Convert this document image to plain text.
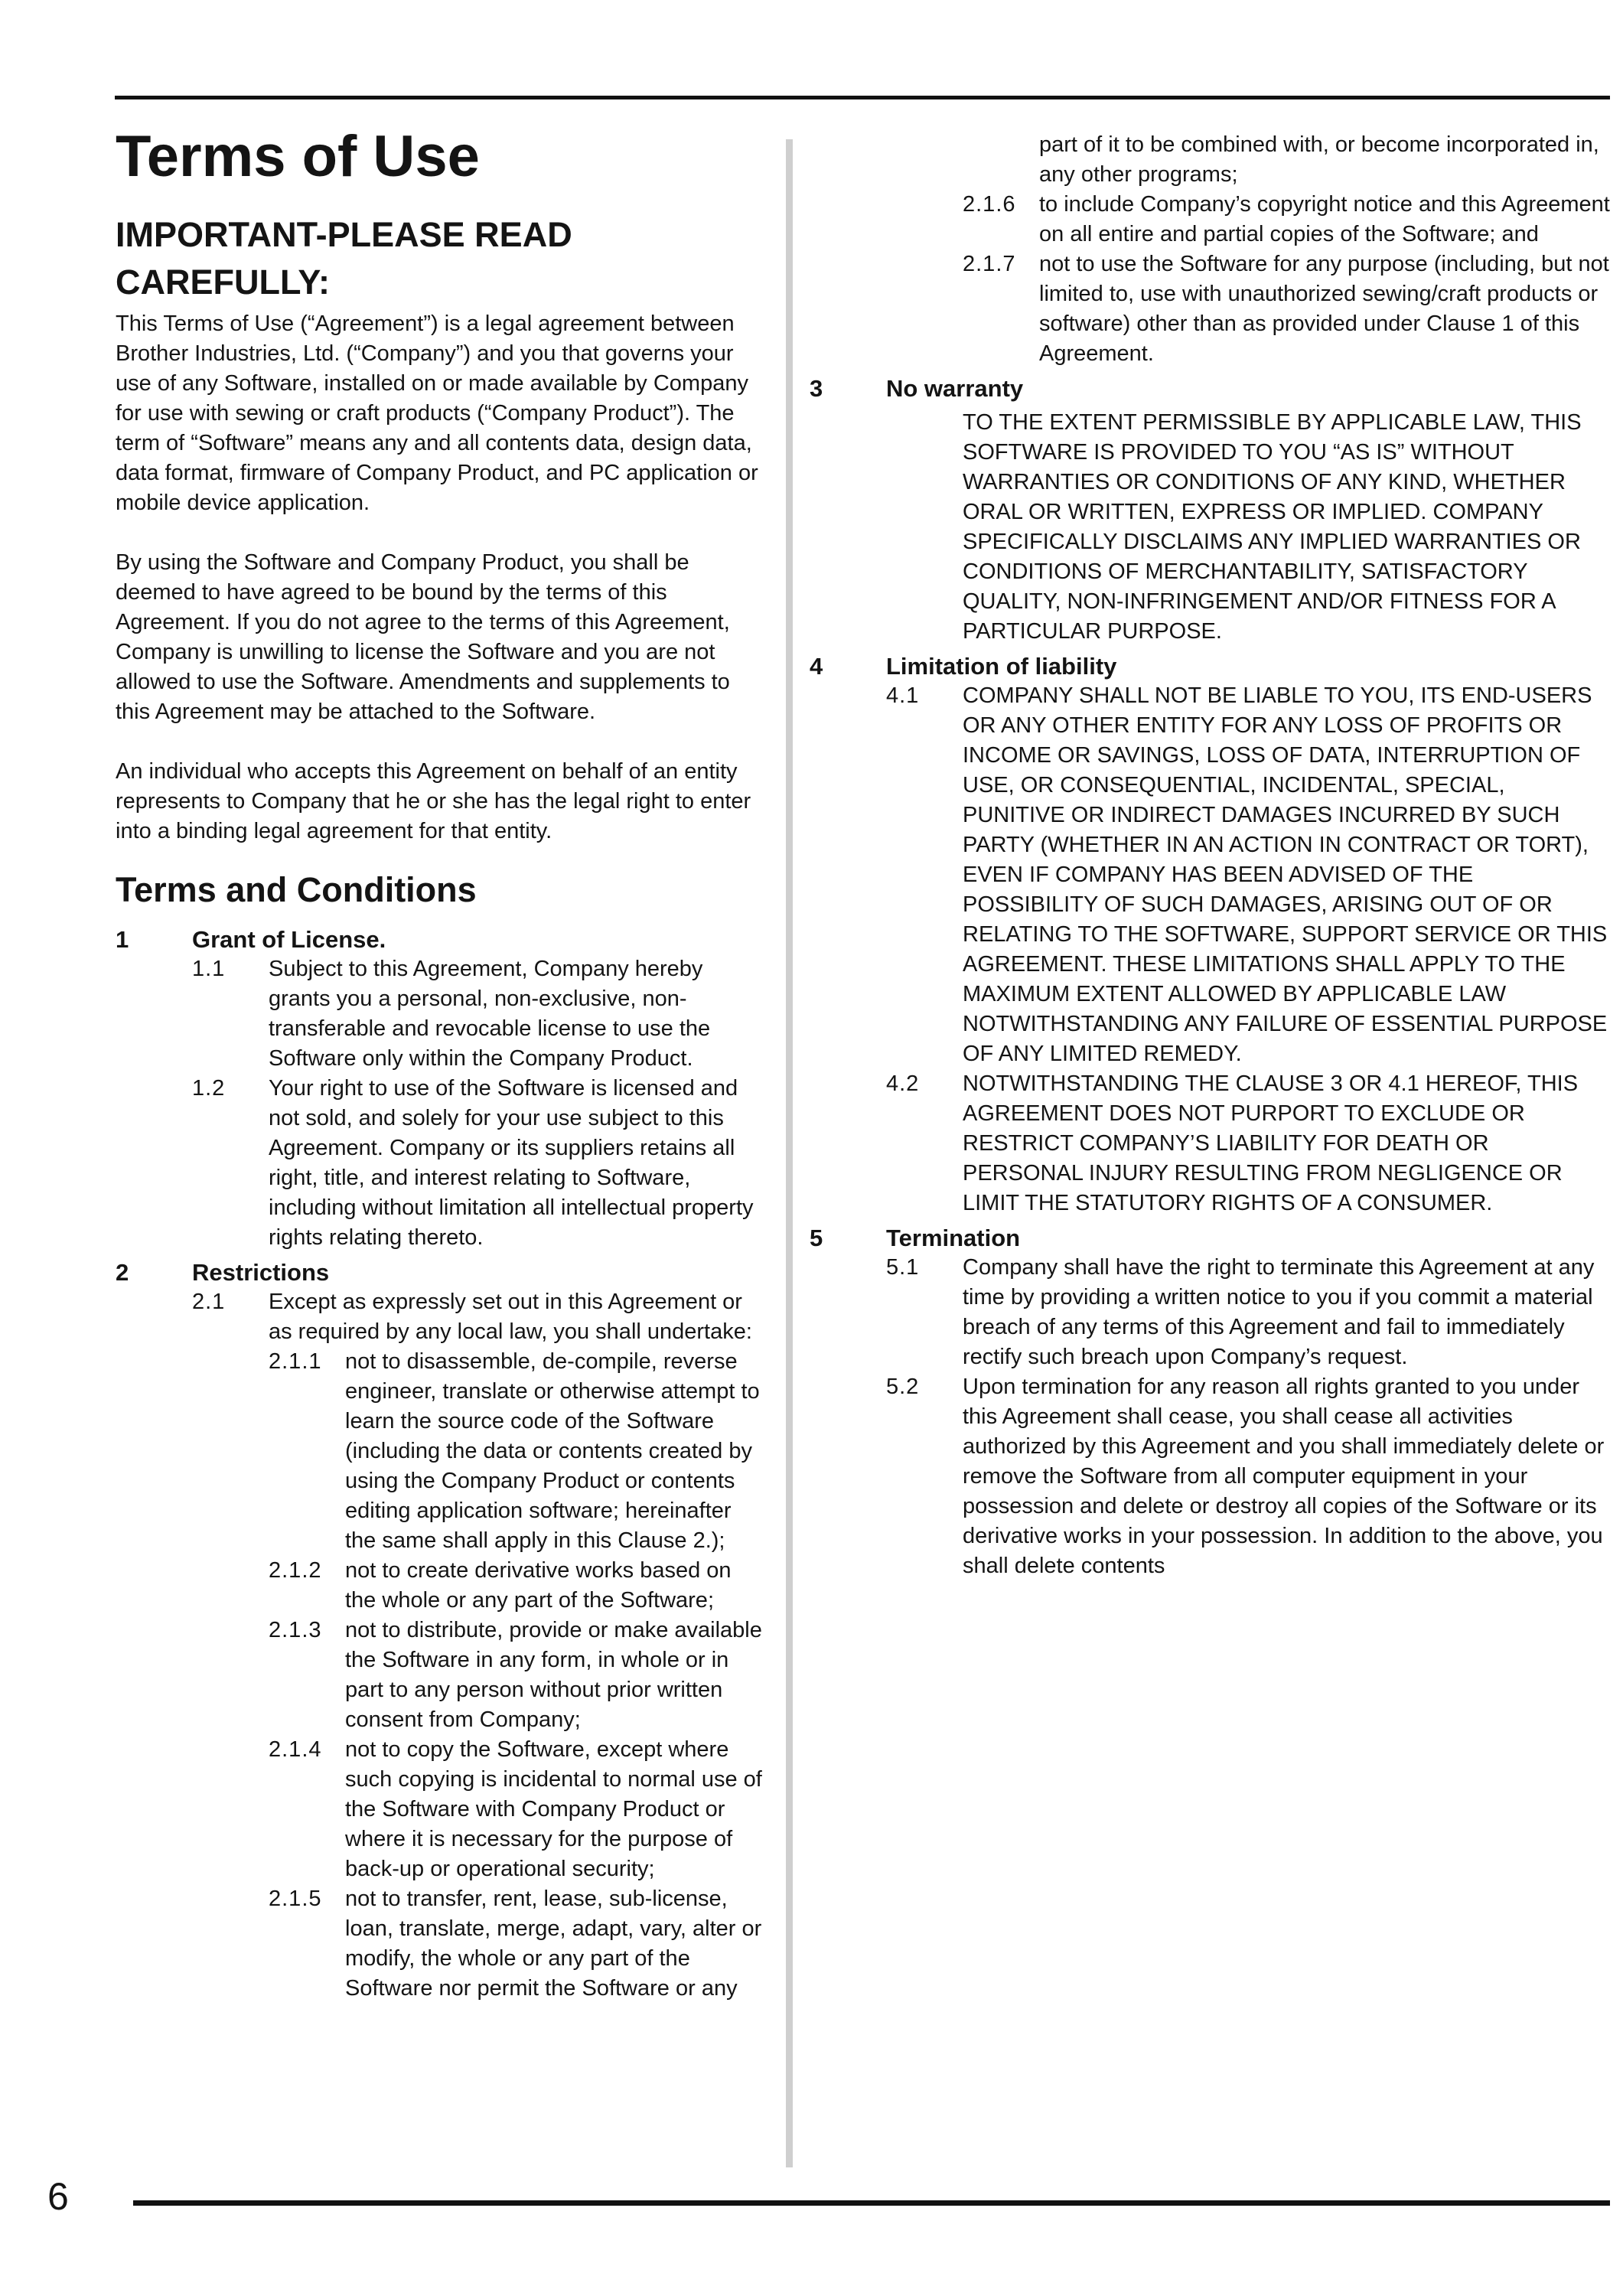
Terms of Use
IMPORTANT-PLEASE READ CAREFULLY:

This Terms of Use (“Agreement”) is a legal agreement between Brother Industries, Ltd. (“Company”) and you that governs your use of any Software, installed on or made available by Company for use with sewing or craft products (“Company Product”). The term of “Software” means any and all contents data, design data, data format, firmware of Company Product, and PC application or mobile device application.

By using the Software and Company Product, you shall be deemed to have agreed to be bound by the terms of this Agreement. If you do not agree to the terms of this Agreement, Company is unwilling to license the Software and you are not allowed to use the Software. Amendments and supplements to this Agreement may be attached to the Software.

An individual who accepts this Agreement on behalf of an entity represents to Company that he or she has the legal right to enter into a binding legal agreement for that entity.

Terms and Conditions
1	Grant of License.
1.1	Subject to this Agreement, Company hereby grants you a personal, non-exclusive, non-transferable and revocable license to use the Software only within the Company Product.
1.2	Your right to use of the Software is licensed and not sold, and solely for your use subject to this Agreement. Company or its suppliers retains all right, title, and interest relating to Software, including without limitation all intellectual property rights relating thereto.
2	Restrictions
2.1	Except as expressly set out in this Agreement or as required by any local law, you shall undertake:
2.1.1	not to disassemble, de-compile, reverse engineer, translate or otherwise attempt to learn the source code of the Software (including the data or contents created by using the Company Product or contents editing application software; hereinafter the same shall apply in this Clause 2.);
2.1.2	not to create derivative works based on the whole or any part of the Software;
2.1.3	not to distribute, provide or make available the Software in any form, in whole or in part to any person without prior written consent from Company;
2.1.4	not to copy the Software, except where such copying is incidental to normal use of the Software with Company Product or where it is necessary for the purpose of back-up or operational security;
2.1.5	not to transfer, rent, lease, sub-license, loan, translate, merge, adapt, vary, alter or modify, the whole or any part of the Software nor permit the Software or any

part of it to be combined with, or become incorporated in, any other programs;

2.1.6	to include Company’s copyright notice and this Agreement on all entire and partial copies of the Software; and
2.1.7	not to use the Software for any purpose (including, but not limited to, use with unauthorized sewing/craft products or software) other than as provided under Clause 1 of this Agreement.
3	No warranty

TO THE EXTENT PERMISSIBLE BY APPLICABLE LAW, THIS SOFTWARE IS PROVIDED TO YOU “AS IS” WITHOUT WARRANTIES OR CONDITIONS OF ANY KIND, WHETHER ORAL OR WRITTEN, EXPRESS OR IMPLIED. COMPANY SPECIFICALLY DISCLAIMS ANY IMPLIED WARRANTIES OR CONDITIONS OF MERCHANTABILITY, SATISFACTORY QUALITY, NON-INFRINGEMENT AND/OR FITNESS FOR A PARTICULAR PURPOSE.

4	Limitation of liability
4.1	COMPANY SHALL NOT BE LIABLE TO YOU, ITS END-USERS OR ANY OTHER ENTITY FOR ANY LOSS OF PROFITS OR INCOME OR SAVINGS, LOSS OF DATA, INTERRUPTION OF USE, OR CONSEQUENTIAL, INCIDENTAL, SPECIAL, PUNITIVE OR INDIRECT DAMAGES INCURRED BY SUCH PARTY (WHETHER IN AN ACTION IN CONTRACT OR TORT), EVEN IF COMPANY HAS BEEN ADVISED OF THE POSSIBILITY OF SUCH DAMAGES, ARISING OUT OF OR RELATING TO THE SOFTWARE, SUPPORT SERVICE OR THIS AGREEMENT. THESE LIMITATIONS SHALL APPLY TO THE MAXIMUM EXTENT ALLOWED BY APPLICABLE LAW NOTWITHSTANDING ANY FAILURE OF ESSENTIAL PURPOSE OF ANY LIMITED REMEDY.
4.2	NOTWITHSTANDING THE CLAUSE 3 OR 4.1 HEREOF, THIS AGREEMENT DOES NOT PURPORT TO EXCLUDE OR RESTRICT COMPANY’S LIABILITY FOR DEATH OR PERSONAL INJURY RESULTING FROM NEGLIGENCE OR LIMIT THE STATUTORY RIGHTS OF A CONSUMER.
5	Termination
5.1	Company shall have the right to terminate this Agreement at any time by providing a written notice to you if you commit a material breach of any terms of this Agreement and fail to immediately rectify such breach upon Company’s request.
5.2	Upon termination for any reason all rights granted to you under this Agreement shall cease, you shall cease all activities authorized by this Agreement and you shall immediately delete or remove the Software from all computer equipment in your possession and delete or destroy all copies of the Software or its derivative works in your possession. In addition to the above, you shall delete contents
6
